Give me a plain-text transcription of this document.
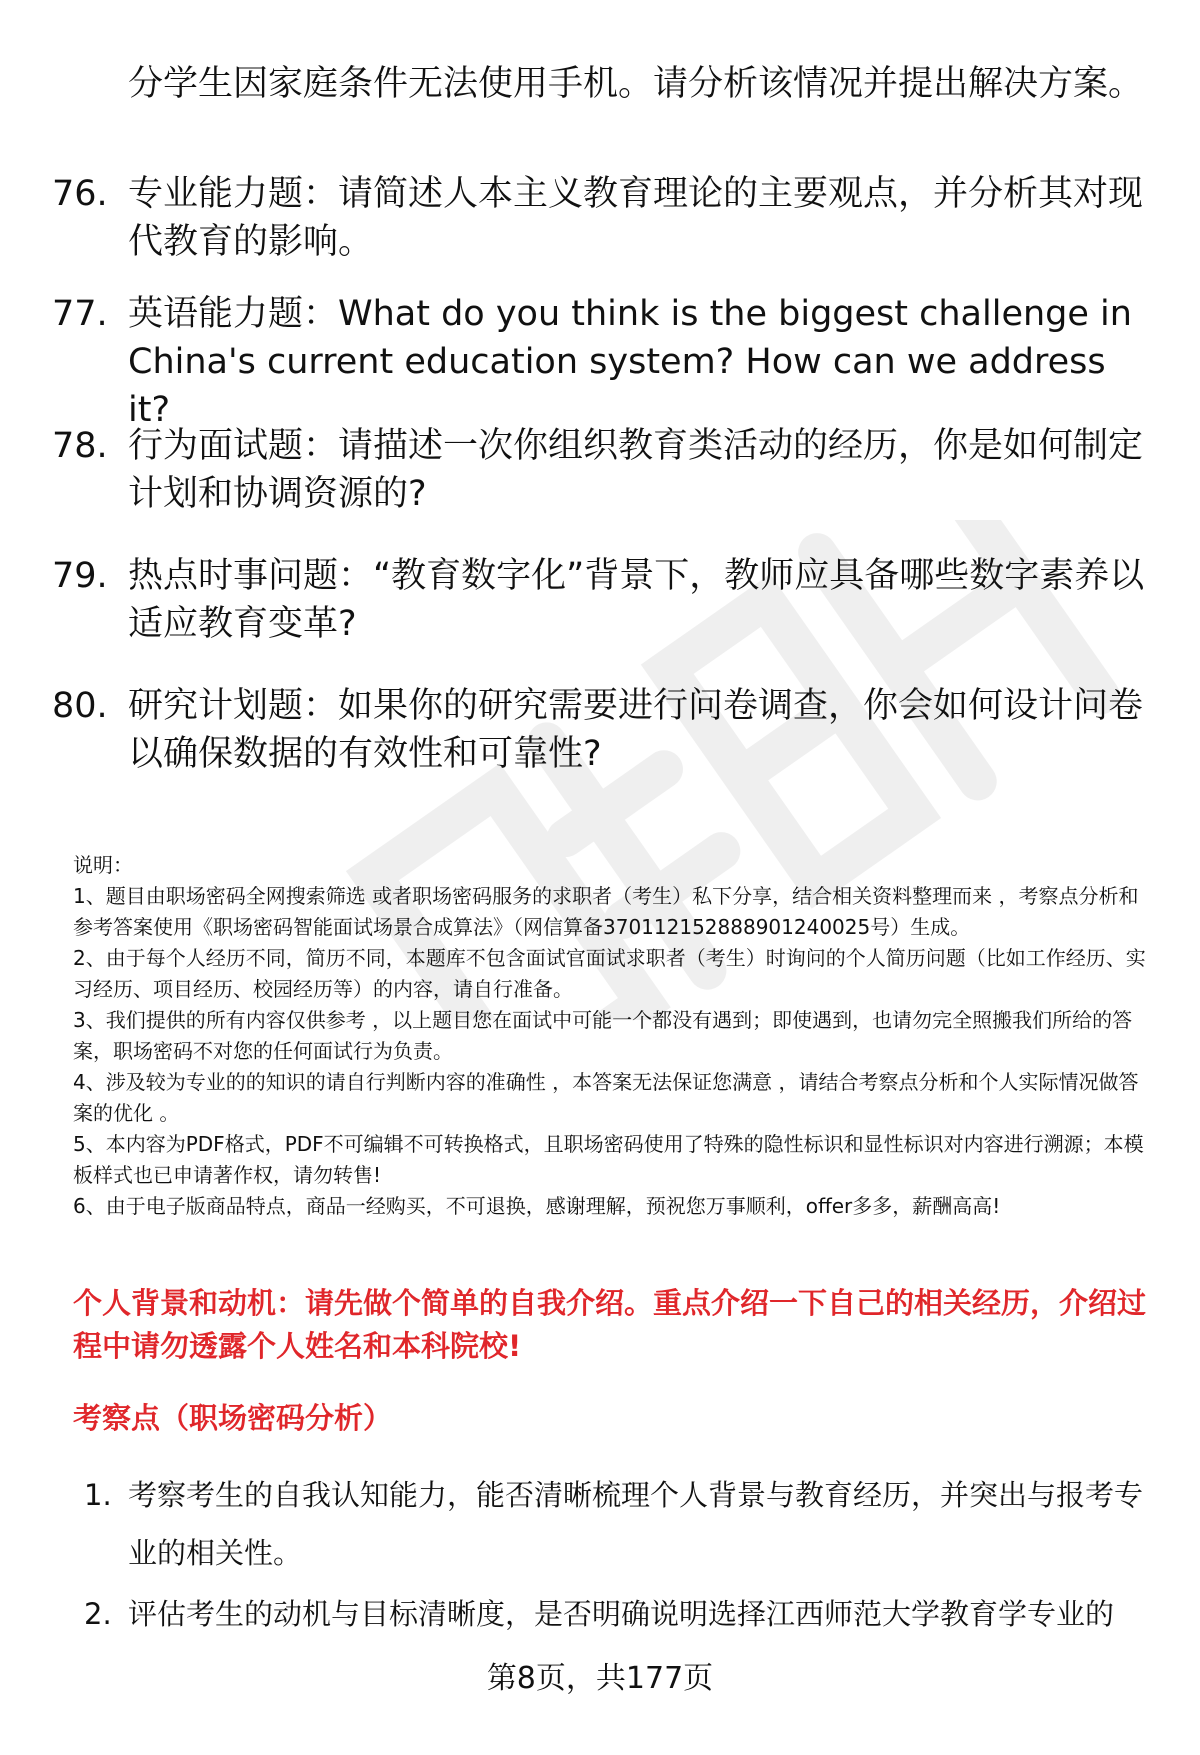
分学生因家庭条件无法使用手机。请分析该情况并提出解决方案。
76. 专业能力题：请简述人本主义教育理论的主要观点，并分析其对现代教育的影响。
77. 英语能力题：What do you think is the biggest challenge in China's current education system? How can we address it?
78. 行为面试题：请描述一次你组织教育类活动的经历，你是如何制定计划和协调资源的?
79. 热点时事问题：“教育数字化”背景下，教师应具备哪些数字素养以适应教育变革?
80. 研究计划题：如果你的研究需要进行问卷调查，你会如何设计问卷以确保数据的有效性和可靠性?

说明：

1、题目由职场密码全网搜索筛选 或者职场密码服务的求职者（考生）私下分享，结合相关资料整理而来 ，考察点分析和参考答案使用《职场密码智能面试场景合成算法》（网信算备370112152888901240025号）生成。

2、由于每个人经历不同，简历不同，本题库不包含面试官面试求职者（考生）时询问的个人简历问题（比如工作经历、实习经历、项目经历、校园经历等）的内容，请自行准备。

3、我们提供的所有内容仅供参考 ，以上题目您在面试中可能一个都没有遇到；即使遇到，也请勿完全照搬我们所给的答案，职场密码不对您的任何面试行为负责。

4、涉及较为专业的的知识的请自行判断内容的准确性 ，本答案无法保证您满意 ，请结合考察点分析和个人实际情况做答案的优化 。

5、本内容为PDF格式，PDF不可编辑不可转换格式，且职场密码使用了特殊的隐性标识和显性标识对内容进行溯源；本模板样式也已申请著作权，请勿转售!

6、由于电子版商品特点，商品一经购买，不可退换，感谢理解，预祝您万事顺利，offer多多，薪酬高高!

个人背景和动机：请先做个简单的自我介绍。重点介绍一下自己的相关经历，介绍过程中请勿透露个人姓名和本科院校!
考察点（职场密码分析）
1. 考察考生的自我认知能力，能否清晰梳理个人背景与教育经历，并突出与报考专业的相关性。
2. 评估考生的动机与目标清晰度，是否明确说明选择江西师范大学教育学专业的
第8页，共177页
